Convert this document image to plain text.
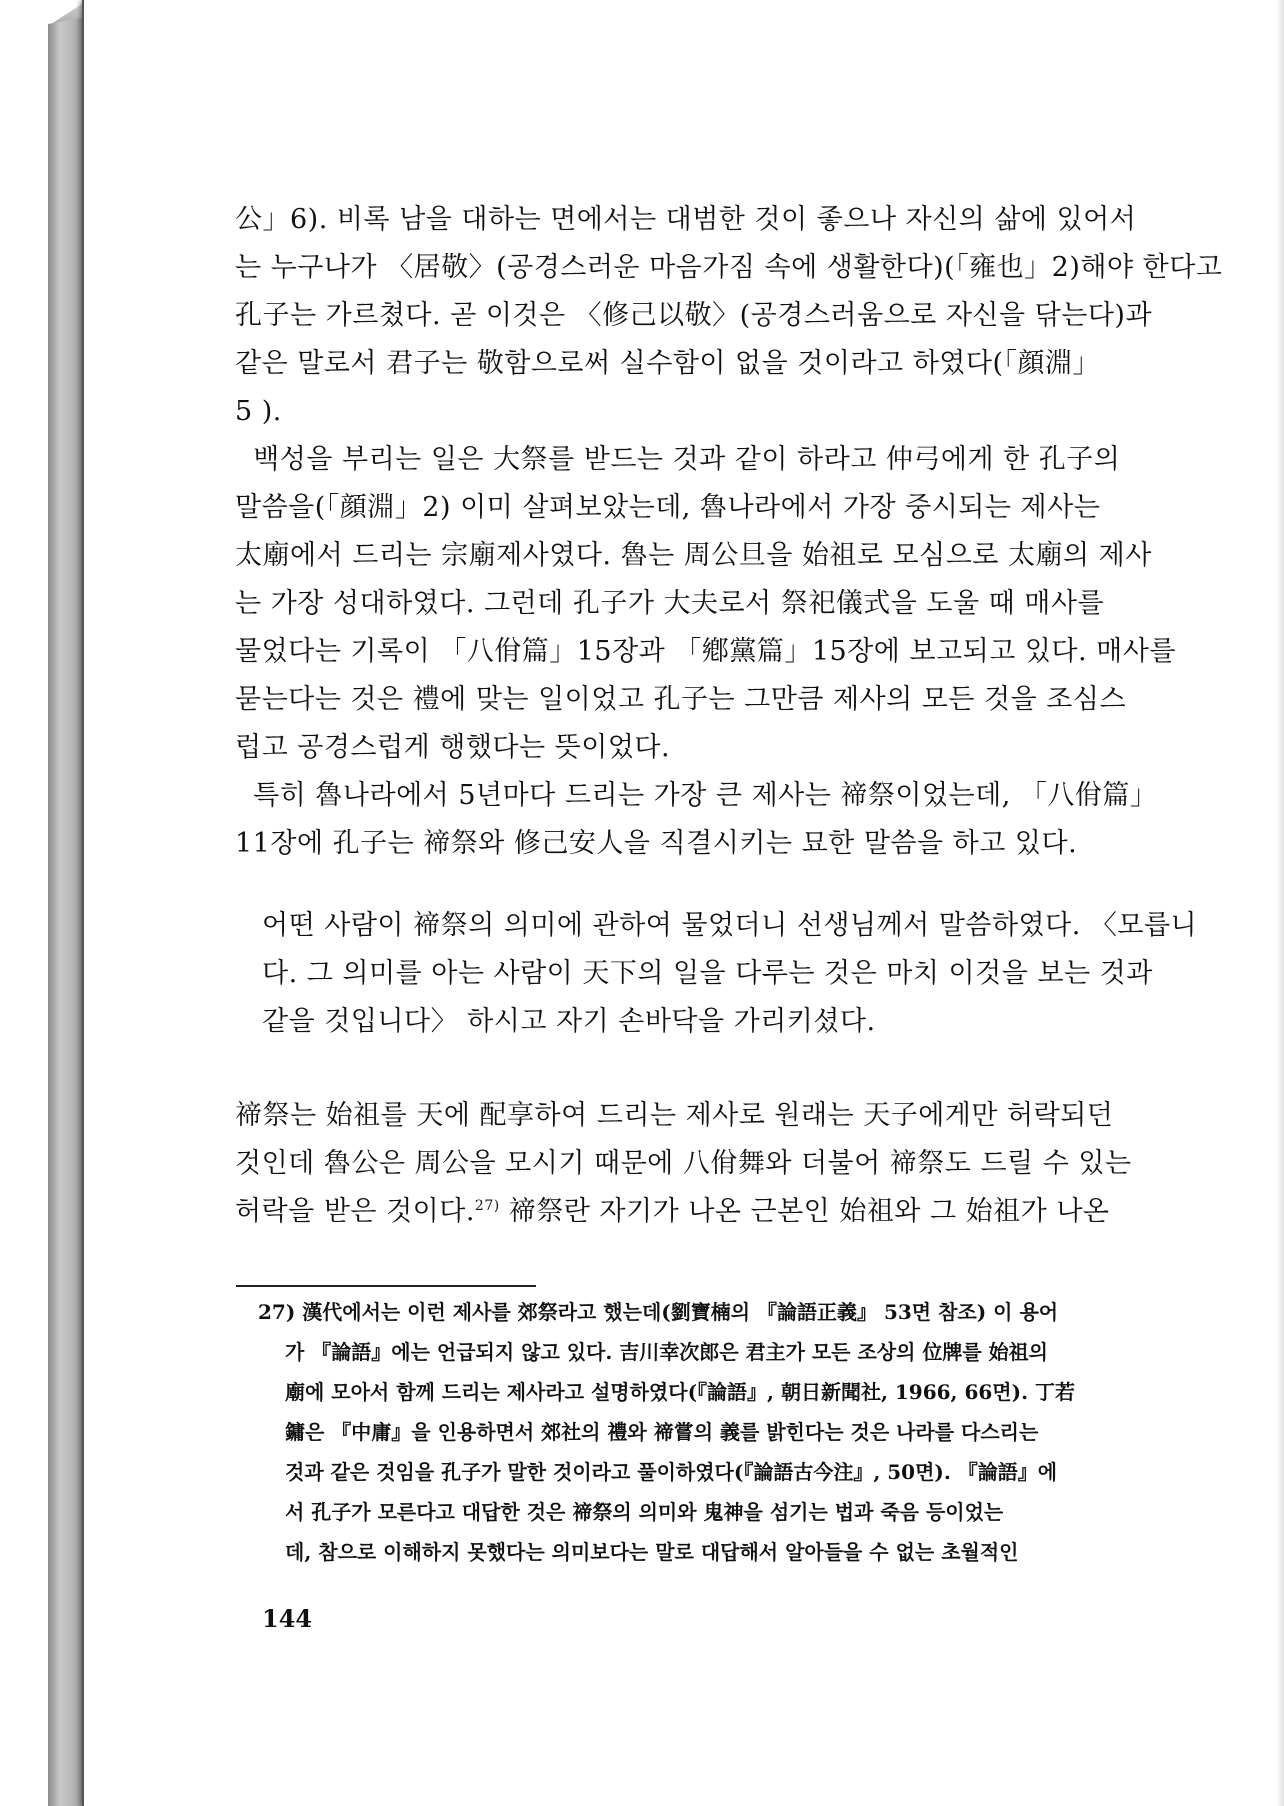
公」6). 비록 남을 대하는 면에서는 대범한 것이 좋으나 자신의 삶에 있어서
는 누구나가 〈居敬〉(공경스러운 마음가짐 속에 생활한다)(「雍也」2)해야 한다고
孔子는 가르쳤다. 곧 이것은 〈修己以敬〉(공경스러움으로 자신을 닦는다)과
같은 말로서 君子는 敬함으로써 실수함이 없을 것이라고 하였다(「顔淵」
5 ).
백성을 부리는 일은 大祭를 받드는 것과 같이 하라고 仲弓에게 한 孔子의
말씀을(「顔淵」2) 이미 살펴보았는데, 魯나라에서 가장 중시되는 제사는
太廟에서 드리는 宗廟제사였다. 魯는 周公旦을 始祖로 모심으로 太廟의 제사
는 가장 성대하였다. 그런데 孔子가 大夫로서 祭祀儀式을 도울 때 매사를
물었다는 기록이 「八佾篇」15장과 「鄕黨篇」15장에 보고되고 있다. 매사를
묻는다는 것은 禮에 맞는 일이었고 孔子는 그만큼 제사의 모든 것을 조심스
럽고 공경스럽게 행했다는 뜻이었다.
특히 魯나라에서 5년마다 드리는 가장 큰 제사는 禘祭이었는데, 「八佾篇」
11장에 孔子는 禘祭와 修己安人을 직결시키는 묘한 말씀을 하고 있다.
어떤 사람이 禘祭의 의미에 관하여 물었더니 선생님께서 말씀하였다. 〈모릅니
다. 그 의미를 아는 사람이 天下의 일을 다루는 것은 마치 이것을 보는 것과
같을 것입니다〉 하시고 자기 손바닥을 가리키셨다.
禘祭는 始祖를 天에 配享하여 드리는 제사로 원래는 天子에게만 허락되던
것인데 魯公은 周公을 모시기 때문에 八佾舞와 더불어 禘祭도 드릴 수 있는
허락을 받은 것이다.$^{27)}$ 禘祭란 자기가 나온 근본인 始祖와 그 始祖가 나온
27) 漢代에서는 이런 제사를 郊祭라고 했는데(劉寶楠의 『論語正義』 53면 참조) 이 용어
가 『論語』에는 언급되지 않고 있다. 吉川幸次郎은 君主가 모든 조상의 位牌를 始祖의
廟에 모아서 함께 드리는 제사라고 설명하였다(『論語』, 朝日新聞社, 1966, 66면). 丁若
鏞은 『中庸』을 인용하면서 郊社의 禮와 禘嘗의 義를 밝힌다는 것은 나라를 다스리는
것과 같은 것임을 孔子가 말한 것이라고 풀이하였다(『論語古今注』, 50면). 『論語』에
서 孔子가 모른다고 대답한 것은 禘祭의 의미와 鬼神을 섬기는 법과 죽음 등이었는
데, 참으로 이해하지 못했다는 의미보다는 말로 대답해서 알아들을 수 없는 초월적인
144
